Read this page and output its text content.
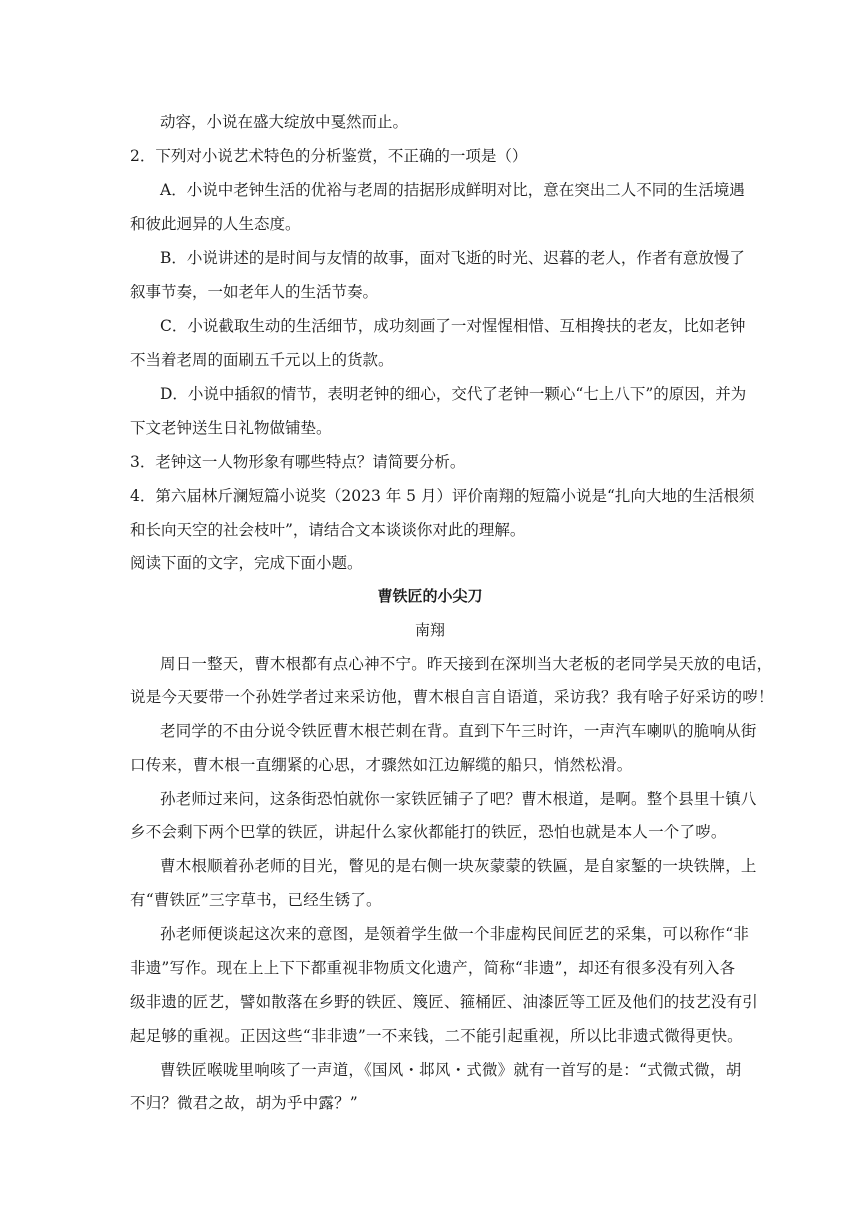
动容，小说在盛大绽放中戛然而止。
2．下列对小说艺术特色的分析鉴赏，不正确的一项是（）
A．小说中老钟生活的优裕与老周的拮据形成鲜明对比，意在突出二人不同的生活境遇
和彼此迥异的人生态度。
B．小说讲述的是时间与友情的故事，面对飞逝的时光、迟暮的老人，作者有意放慢了
叙事节奏，一如老年人的生活节奏。
C．小说截取生动的生活细节，成功刻画了一对惺惺相惜、互相搀扶的老友，比如老钟
不当着老周的面刷五千元以上的货款。
D．小说中插叙的情节，表明老钟的细心，交代了老钟一颗心“七上八下”的原因，并为
下文老钟送生日礼物做铺垫。
3．老钟这一人物形象有哪些特点？请简要分析。
4．第六届林斤澜短篇小说奖（2023 年 5 月）评价南翔的短篇小说是“扎向大地的生活根须
和长向天空的社会枝叶”，请结合文本谈谈你对此的理解。
阅读下面的文字，完成下面小题。
曹铁匠的小尖刀
南翔
周日一整天，曹木根都有点心神不宁。昨天接到在深圳当大老板的老同学吴天放的电话，
说是今天要带一个孙姓学者过来采访他，曹木根自言自语道，采访我？我有啥子好采访的哕！
老同学的不由分说令铁匠曹木根芒刺在背。直到下午三时许，一声汽车喇叭的脆响从街
口传来，曹木根一直绷紧的心思，才骤然如江边解缆的船只，悄然松滑。
孙老师过来问，这条街恐怕就你一家铁匠铺子了吧？曹木根道，是啊。整个县里十镇八
乡不会剩下两个巴掌的铁匠，讲起什么家伙都能打的铁匠，恐怕也就是本人一个了哕。
曹木根顺着孙老师的目光，瞥见的是右侧一块灰蒙蒙的铁匾，是自家錾的一块铁牌，上
有“曹铁匠”三字草书，已经生锈了。
孙老师便谈起这次来的意图，是领着学生做一个非虚构民间匠艺的采集，可以称作“非
非遗”写作。现在上上下下都重视非物质文化遗产，简称“非遗”，却还有很多没有列入各
级非遗的匠艺，譬如散落在乡野的铁匠、篾匠、箍桶匠、油漆匠等工匠及他们的技艺没有引
起足够的重视。正因这些“非非遗”一不来钱，二不能引起重视，所以比非遗式微得更快。
曹铁匠喉咙里响咳了一声道，《国风・邶风・式微》就有一首写的是：“式微式微，胡
不归？微君之故，胡为乎中露？”
